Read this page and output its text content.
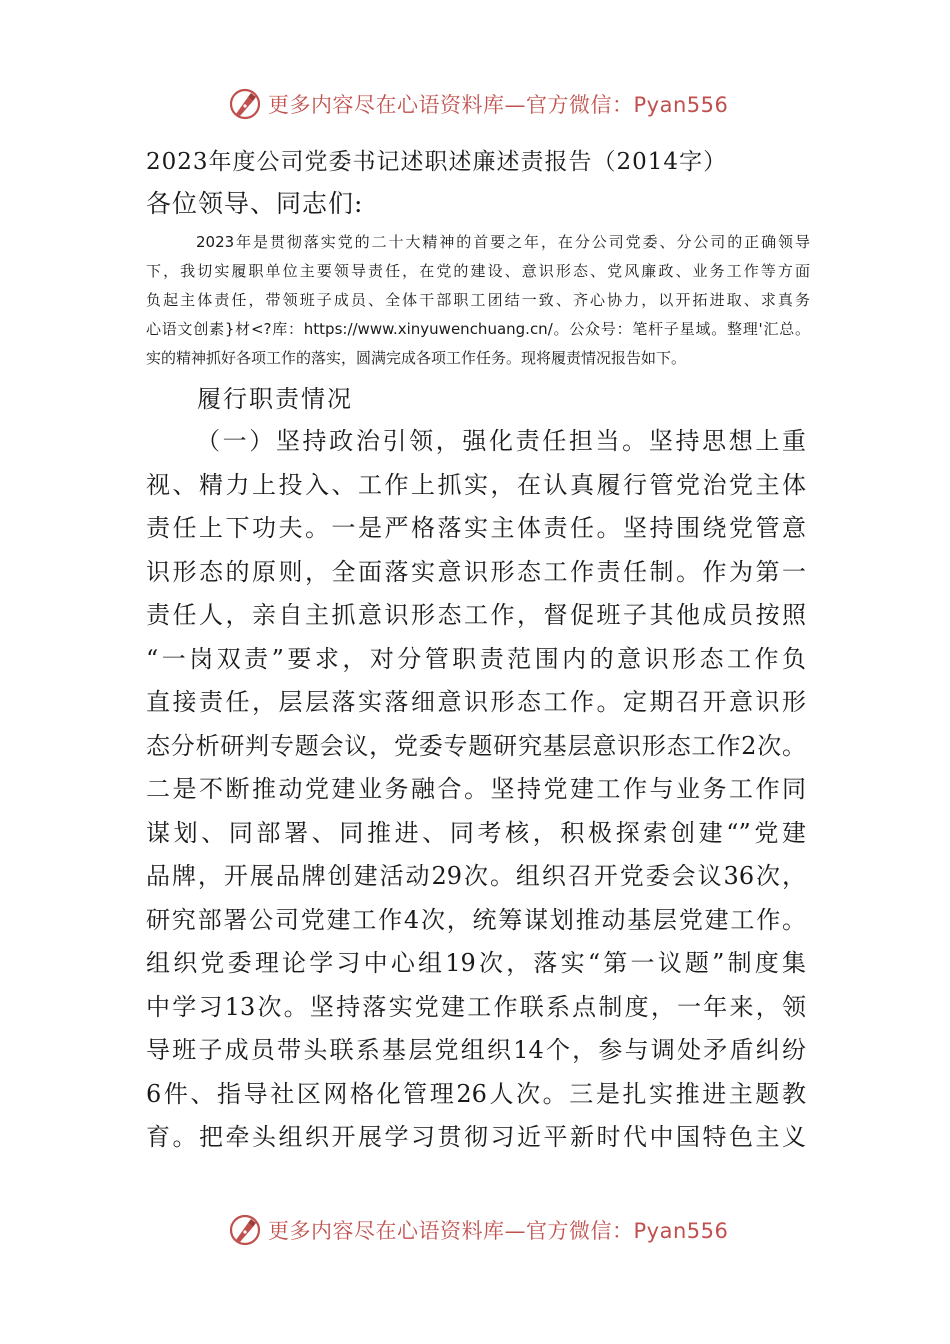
更多内容尽在心语资料库—官方微信：Pyan556
2023年度公司党委书记述职述廉述责报告（2014字）
各位领导、同志们:
2023年是贯彻落实党的二十大精神的首要之年，在分公司党委、分公司的正确领导
下，我切实履职单位主要领导责任，在党的建设、意识形态、党风廉政、业务工作等方面
负起主体责任，带领班子成员、全体干部职工团结一致、齐心协力，以开拓进取、求真务
心语文创素}材<?库：https://www.xinyuwenchuang.cn/。公众号：笔杆子星域。整理'汇总。
实的精神抓好各项工作的落实，圆满完成各项工作任务。现将履责情况报告如下。
履行职责情况
（一）坚持政治引领，强化责任担当。坚持思想上重
视、精力上投入、工作上抓实，在认真履行管党治党主体
责任上下功夫。一是严格落实主体责任。坚持围绕党管意
识形态的原则，全面落实意识形态工作责任制。作为第一
责任人，亲自主抓意识形态工作，督促班子其他成员按照
“一岗双责”要求，对分管职责范围内的意识形态工作负
直接责任，层层落实落细意识形态工作。定期召开意识形
态分析研判专题会议，党委专题研究基层意识形态工作2次。
二是不断推动党建业务融合。坚持党建工作与业务工作同
谋划、同部署、同推进、同考核，积极探索创建“”党建
品牌，开展品牌创建活动29次。组织召开党委会议36次，
研究部署公司党建工作4次，统筹谋划推动基层党建工作。
组织党委理论学习中心组19次，落实“第一议题”制度集
中学习13次。坚持落实党建工作联系点制度，一年来，领
导班子成员带头联系基层党组织14个，参与调处矛盾纠纷
6件、指导社区网格化管理26人次。三是扎实推进主题教
育。把牵头组织开展学习贯彻习近平新时代中国特色主义
更多内容尽在心语资料库—官方微信：Pyan556
